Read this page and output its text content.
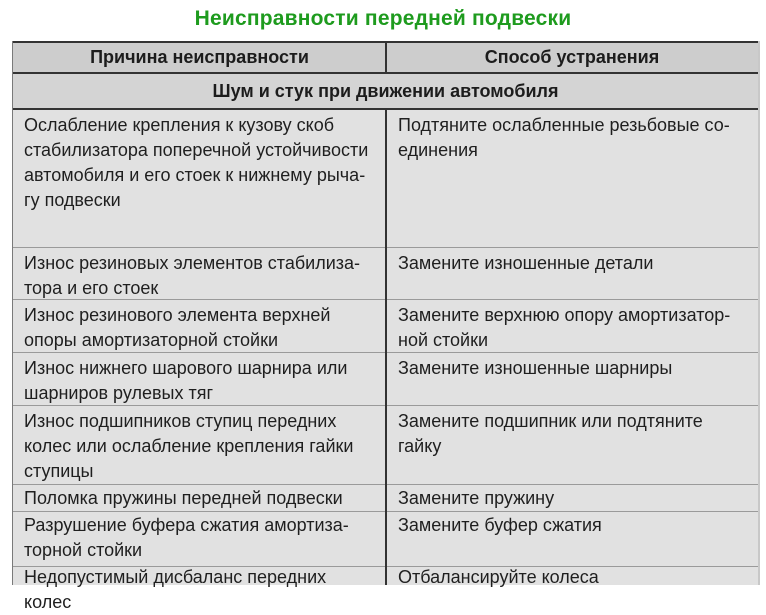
Неисправности передней подвески
Причина неисправности	Способ устранения
Шум и стук при движении автомобиля
Ослабление крепления к кузову скоб
стабилизатора поперечной устойчивости
автомобиля и его стоек к нижнему рыча-
гу подвески
Подтяните ослабленные резьбовые со-
единения
Износ резиновых элементов стабилиза-
тора и его стоек
Замените изношенные детали
Износ резинового элемента верхней
опоры амортизаторной стойки
Замените верхнюю опору амортизатор-
ной стойки
Износ нижнего шарового шарнира или
шарниров рулевых тяг
Замените изношенные шарниры
Износ подшипников ступиц передних
колес или ослабление крепления гайки
ступицы
Замените подшипник или подтяните
гайку
Поломка пружины передней подвески	Замените пружину
Разрушение буфера сжатия амортиза-
торной стойки
Замените буфер сжатия
Недопустимый дисбаланс передних
колес
Отбалансируйте колеса
